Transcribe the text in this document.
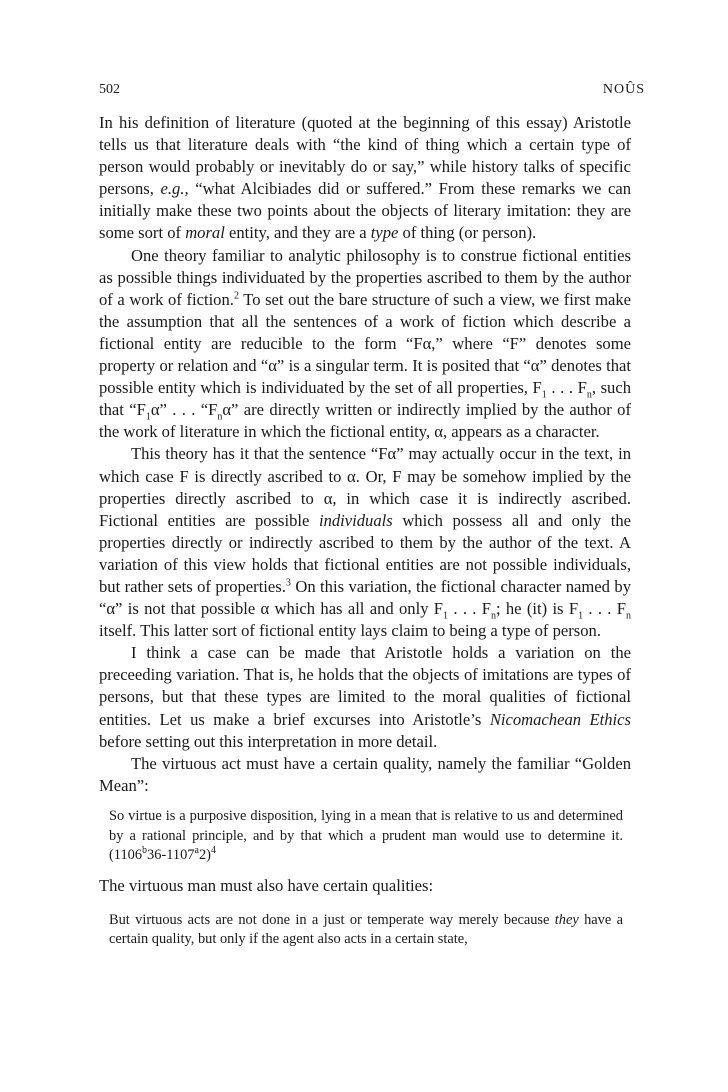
502	NOÛS

In his definition of literature (quoted at the beginning of this essay) Aristotle tells us that literature deals with “the kind of thing which a certain type of person would probably or inevitably do or say,” while history talks of specific persons, e.g., “what Alcibiades did or suffered.” From these remarks we can initially make these two points about the objects of literary imitation: they are some sort of moral entity, and they are a type of thing (or person).

One theory familiar to analytic philosophy is to construe fictional entities as possible things individuated by the properties ascribed to them by the author of a work of fiction.$^2$ To set out the bare structure of such a view, we first make the assumption that all the sentences of a work of fiction which describe a fictional entity are reducible to the form “Fα,” where “F” denotes some property or relation and “α” is a singular term. It is posited that “α” denotes that possible entity which is individuated by the set of all properties, $F_1$ . . . $F_n$, such that “$F_1\alpha$” . . . “$F_n\alpha$” are directly written or indirectly implied by the author of the work of literature in which the fictional entity, α, appears as a character.

This theory has it that the sentence “Fα” may actually occur in the text, in which case F is directly ascribed to α. Or, F may be somehow implied by the properties directly ascribed to α, in which case it is indirectly ascribed. Fictional entities are possible individuals which possess all and only the properties directly or indirectly ascribed to them by the author of the text. A variation of this view holds that fictional entities are not possible individuals, but rather sets of properties.$^3$ On this variation, the fictional character named by “α” is not that possible α which has all and only $F_1$ . . . $F_n$; he (it) is $F_1$ . . . $F_n$ itself. This latter sort of fictional entity lays claim to being a type of person.

I think a case can be made that Aristotle holds a variation on the preceeding variation. That is, he holds that the objects of imitations are types of persons, but that these types are limited to the moral qualities of fictional entities. Let us make a brief excurses into Aristotle’s Nicomachean Ethics before setting out this interpretation in more detail.

The virtuous act must have a certain quality, namely the familiar “Golden Mean”:

So virtue is a purposive disposition, lying in a mean that is relative to us and determined by a rational principle, and by that which a prudent man would use to determine it. $(1106^b36-1107^a2)^4$

The virtuous man must also have certain qualities:

But virtuous acts are not done in a just or temperate way merely because they have a certain quality, but only if the agent also acts in a certain state,
